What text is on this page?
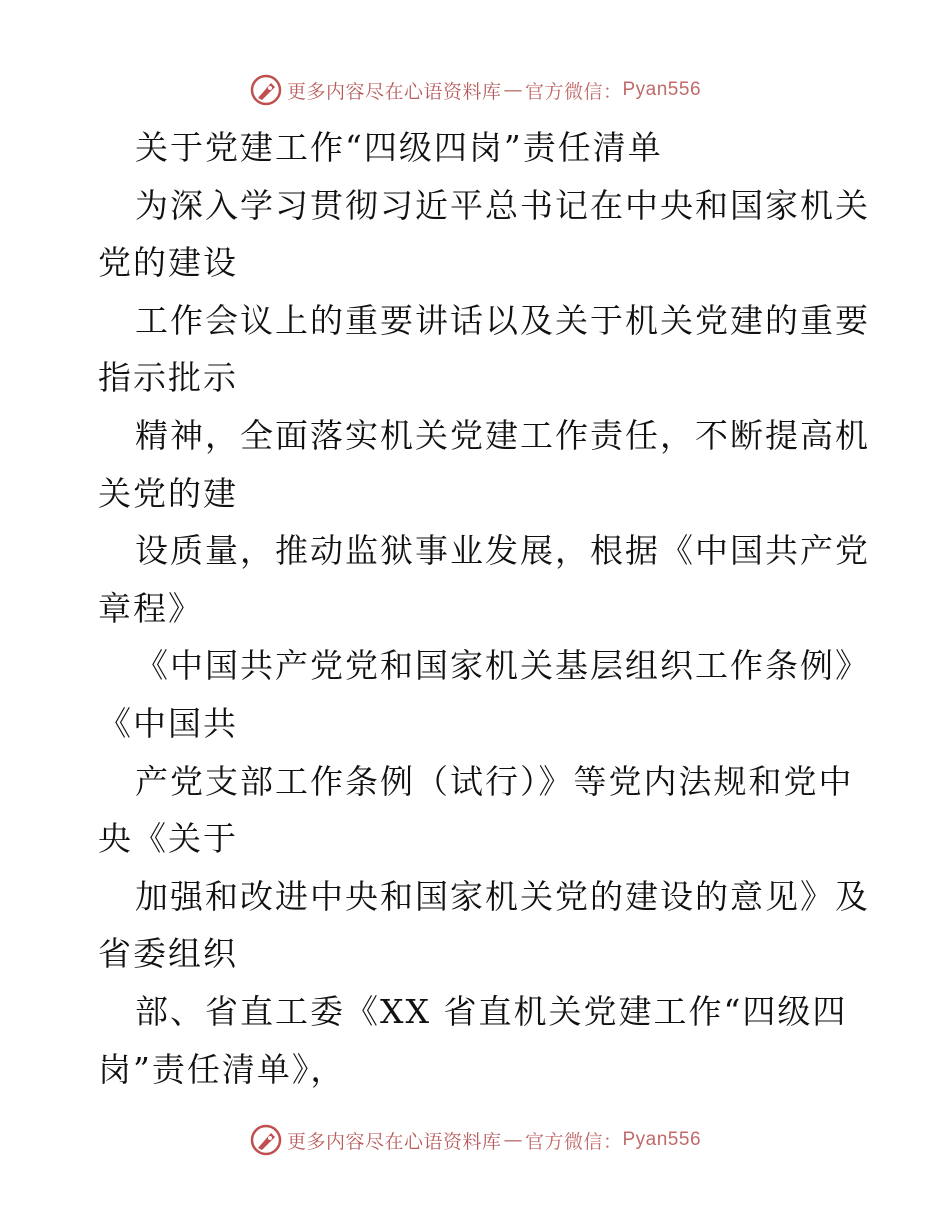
更多内容尽在心语资料库 — 官方微信： Pyan556
关于党建工作“四级四岗”责任清单
为深入学习贯彻习近平总书记在中央和国家机关
党的建设
工作会议上的重要讲话以及关于机关党建的重要
指示批示
精神，全面落实机关党建工作责任，不断提高机
关党的建
设质量，推动监狱事业发展，根据《中国共产党
章程》
《中国共产党党和国家机关基层组织工作条例》
《中国共
产党支部工作条例（试行）》等党内法规和党中
央《关于
加强和改进中央和国家机关党的建设的意见》及
省委组织
部、省直工委《XX 省直机关党建工作“四级四
岗”责任清单》，
更多内容尽在心语资料库 — 官方微信： Pyan556
